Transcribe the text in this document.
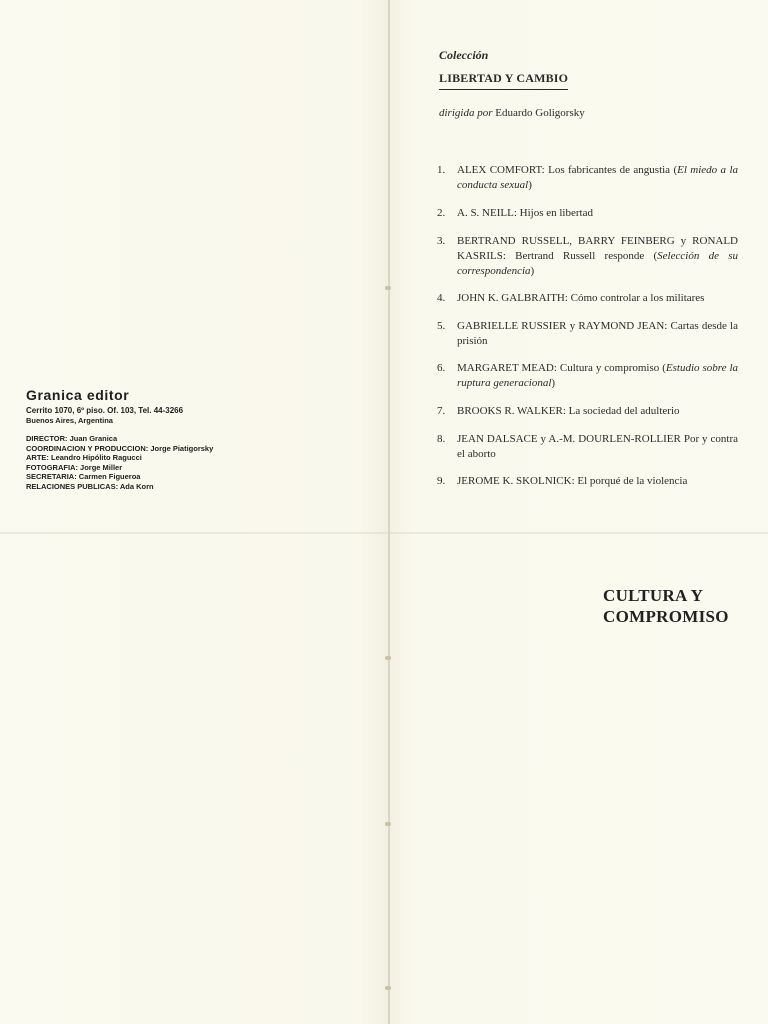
Granica editor

Cerrito 1070, 6º piso. Of. 103, Tel. 44-3266

Buenos Aires, Argentina

DIRECTOR: Juan Granica

COORDINACION Y PRODUCCION: Jorge Piatigorsky

ARTE: Leandro Hipólito Ragucci

FOTOGRAFIA: Jorge Miller

SECRETARIA: Carmen Figueroa

RELACIONES PUBLICAS: Ada Korn

Colección

LIBERTAD Y CAMBIO

dirigida por Eduardo Goligorsky
1. ALEX COMFORT: Los fabricantes de angustia (El miedo a la conducta sexual)
2. A. S. NEILL: Hijos en libertad
3. BERTRAND RUSSELL, BARRY FEINBERG y RONALD KASRILS: Bertrand Russell responde (Selección de su correspondencia)
4. JOHN K. GALBRAITH: Cómo controlar a los militares
5. GABRIELLE RUSSIER y RAYMOND JEAN: Cartas desde la prisión
6. MARGARET MEAD: Cultura y compromiso (Estudio sobre la ruptura generacional)
7. BROOKS R. WALKER: La sociedad del adulterio
8. JEAN DALSACE y A.-M. DOURLEN-ROLLIER Por y contra el aborto
9. JEROME K. SKOLNICK: El porqué de la violencia
CULTURA Y
COMPROMISO
